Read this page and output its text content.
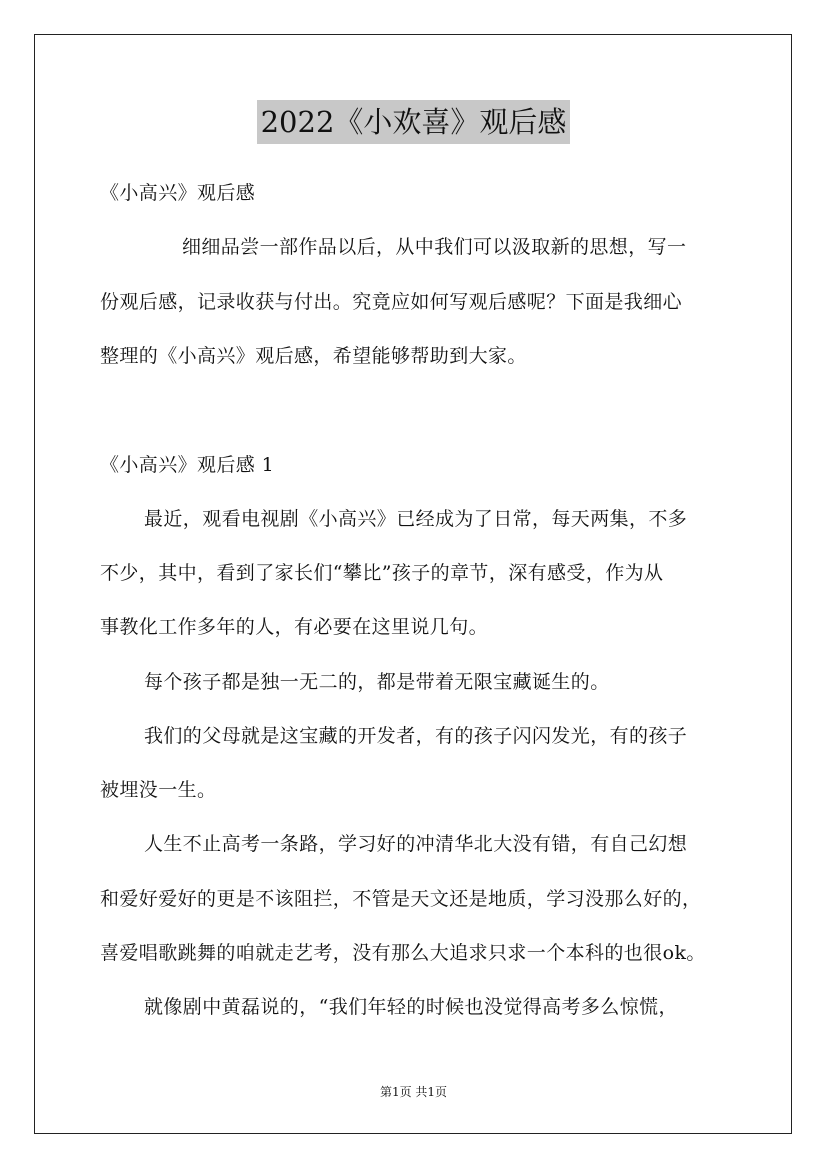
2022《小欢喜》观后感
《小高兴》观后感
细细品尝一部作品以后，从中我们可以汲取新的思想，写一
份观后感，记录收获与付出。究竟应如何写观后感呢？下面是我细心
整理的《小高兴》观后感，希望能够帮助到大家。
《小高兴》观后感 1
最近，观看电视剧《小高兴》已经成为了日常，每天两集，不多
不少，其中，看到了家长们“攀比”孩子的章节，深有感受，作为从
事教化工作多年的人，有必要在这里说几句。
每个孩子都是独一无二的，都是带着无限宝藏诞生的。
我们的父母就是这宝藏的开发者，有的孩子闪闪发光，有的孩子
被埋没一生。
人生不止高考一条路，学习好的冲清华北大没有错，有自己幻想
和爱好爱好的更是不该阻拦，不管是天文还是地质，学习没那么好的，
喜爱唱歌跳舞的咱就走艺考，没有那么大追求只求一个本科的也很ok。
就像剧中黄磊说的，“我们年轻的时候也没觉得高考多么惊慌，
第1页 共1页
